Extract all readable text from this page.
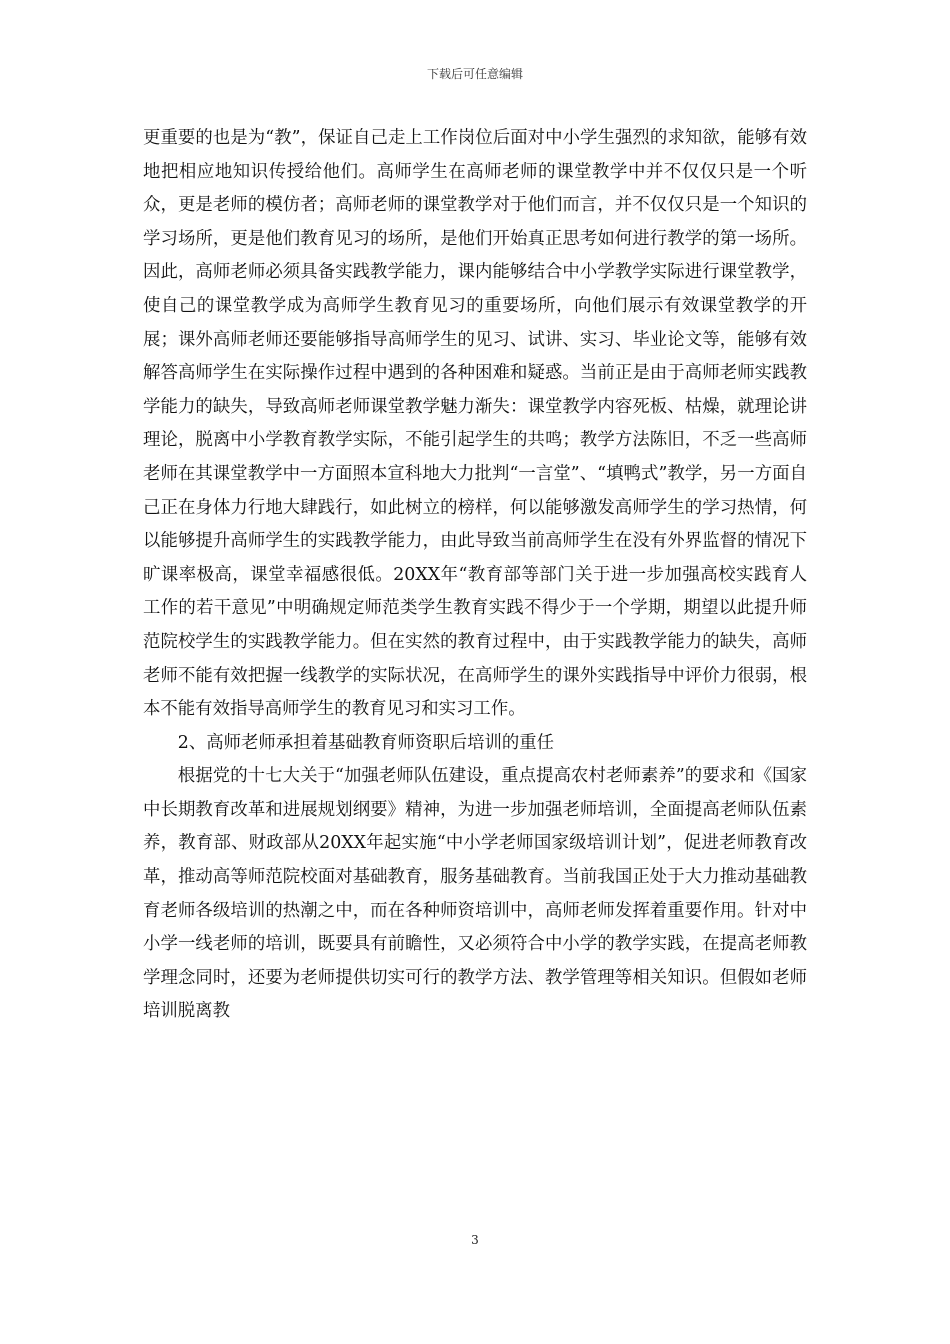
下载后可任意编辑

更重要的也是为“教”，保证自己走上工作岗位后面对中小学生强烈的求知欲，能够有效地把相应地知识传授给他们。高师学生在高师老师的课堂教学中并不仅仅只是一个听众，更是老师的模仿者；高师老师的课堂教学对于他们而言，并不仅仅只是一个知识的学习场所，更是他们教育见习的场所，是他们开始真正思考如何进行教学的第一场所。因此，高师老师必须具备实践教学能力，课内能够结合中小学教学实际进行课堂教学，使自己的课堂教学成为高师学生教育见习的重要场所，向他们展示有效课堂教学的开展；课外高师老师还要能够指导高师学生的见习、试讲、实习、毕业论文等，能够有效解答高师学生在实际操作过程中遇到的各种困难和疑惑。当前正是由于高师老师实践教学能力的缺失，导致高师老师课堂教学魅力渐失：课堂教学内容死板、枯燥，就理论讲理论，脱离中小学教育教学实际，不能引起学生的共鸣；教学方法陈旧，不乏一些高师老师在其课堂教学中一方面照本宣科地大力批判“一言堂”、“填鸭式”教学，另一方面自己正在身体力行地大肆践行，如此树立的榜样，何以能够激发高师学生的学习热情，何以能够提升高师学生的实践教学能力，由此导致当前高师学生在没有外界监督的情况下旷课率极高，课堂幸福感很低。20XX年“教育部等部门关于进一步加强高校实践育人工作的若干意见”中明确规定师范类学生教育实践不得少于一个学期，期望以此提升师范院校学生的实践教学能力。但在实然的教育过程中，由于实践教学能力的缺失，高师老师不能有效把握一线教学的实际状况，在高师学生的课外实践指导中评价力很弱，根本不能有效指导高师学生的教育见习和实习工作。

2、高师老师承担着基础教育师资职后培训的重任

根据党的十七大关于“加强老师队伍建设，重点提高农村老师素养”的要求和《国家中长期教育改革和进展规划纲要》精神，为进一步加强老师培训，全面提高老师队伍素养，教育部、财政部从20XX年起实施“中小学老师国家级培训计划”，促进老师教育改革，推动高等师范院校面对基础教育，服务基础教育。当前我国正处于大力推动基础教育老师各级培训的热潮之中，而在各种师资培训中，高师老师发挥着重要作用。针对中小学一线老师的培训，既要具有前瞻性，又必须符合中小学的教学实践，在提高老师教学理念同时，还要为老师提供切实可行的教学方法、教学管理等相关知识。但假如老师培训脱离教

3
